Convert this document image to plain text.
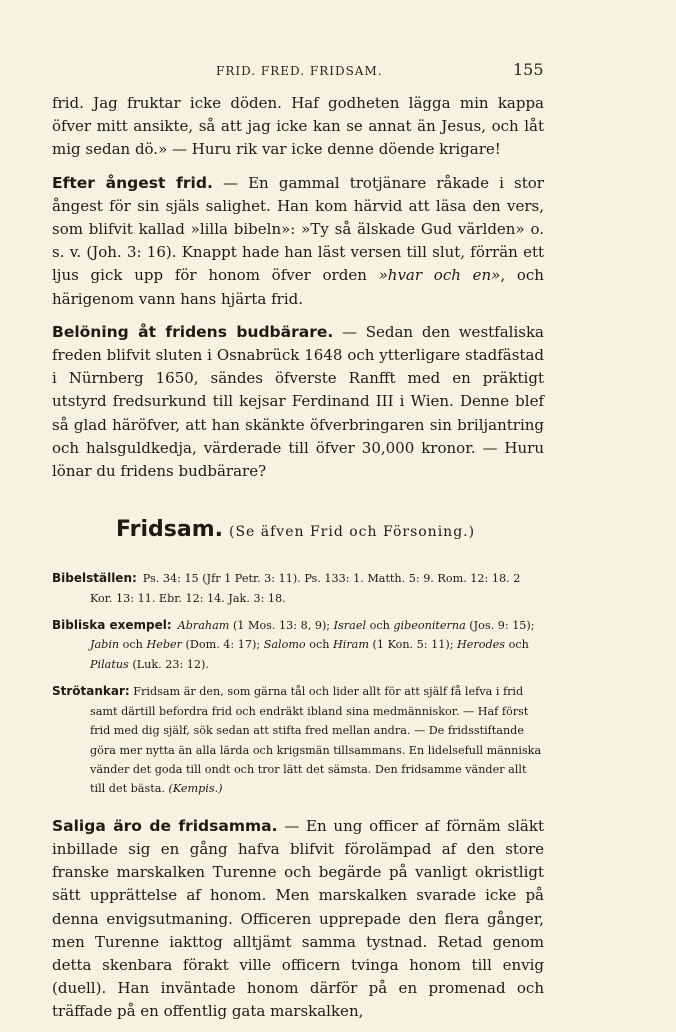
FRID. FRED. FRIDSAM.	155

frid. Jag fruktar icke döden. Haf godheten lägga min kappa öfver mitt ansikte, så att jag icke kan se annat än Jesus, och låt mig sedan dö.» — Huru rik var icke denne döende krigare!

Efter ångest frid. — En gammal trotjänare råkade i stor ångest för sin själs salighet. Han kom härvid att läsa den vers, som blifvit kallad »lilla bibeln»: »Ty så älskade Gud världen» o. s. v. (Joh. 3: 16). Knappt hade han läst versen till slut, förrän ett ljus gick upp för honom öfver orden »hvar och en», och härigenom vann hans hjärta frid.

Belöning åt fridens budbärare. — Sedan den westfaliska freden blifvit sluten i Osnabrück 1648 och ytterligare stadfästad i Nürnberg 1650, sändes öfverste Ranfft med en präktigt utstyrd fredsurkund till kejsar Ferdinand III i Wien. Denne blef så glad häröfver, att han skänkte öfverbringaren sin briljantring och halsguldkedja, värderade till öfver 30,000 kronor. — Huru lönar du fridens budbärare?

Fridsam. (Se äfven Frid och Försoning.)

Bibelställen: Ps. 34: 15 (Jfr 1 Petr. 3: 11). Ps. 133: 1. Matth. 5: 9. Rom. 12: 18. 2 Kor. 13: 11. Ebr. 12: 14. Jak. 3: 18.

Bibliska exempel: Abraham (1 Mos. 13: 8, 9); Israel och gibeoniterna (Jos. 9: 15); Jabin och Heber (Dom. 4: 17); Salomo och Hiram (1 Kon. 5: 11); Herodes och Pilatus (Luk. 23: 12).

Strötankar: Fridsam är den, som gärna tål och lider allt för att själf få lefva i frid samt därtill befordra frid och endräkt ibland sina medmänniskor. — Haf först frid med dig själf, sök sedan att stifta fred mellan andra. — De fridsstiftande göra mer nytta än alla lärda och krigsmän tillsammans. En lidelsefull människa vänder det goda till ondt och tror lätt det sämsta. Den fridsamme vänder allt till det bästa. (Kempis.)

Saliga äro de fridsamma. — En ung officer af förnäm släkt inbillade sig en gång hafva blifvit förolämpad af den store franske marskalken Turenne och begärde på vanligt okristligt sätt upprättelse af honom. Men marskalken svarade icke på denna envigsutmaning. Officeren upprepade den flera gånger, men Turenne iakttog alltjämt samma tystnad. Retad genom detta skenbara förakt ville officern tvinga honom till envig (duell). Han inväntade honom därför på en promenad och träffade på en offentlig gata marskalken,
